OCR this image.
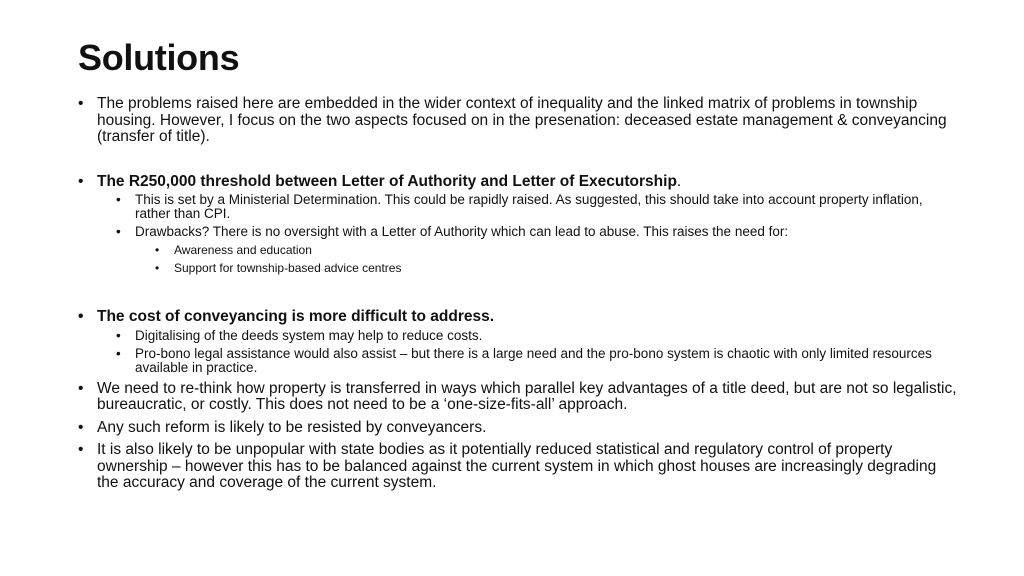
Solutions
• The problems raised here are embedded in the wider context of inequality and the linked matrix of problems in township housing. However, I focus on the two aspects focused on in the presenation: deceased estate management & conveyancing (transfer of title).
• The R250,000 threshold between Letter of Authority and Letter of Executorship.
• This is set by a Ministerial Determination. This could be rapidly raised. As suggested, this should take into account property inflation, rather than CPI.
• Drawbacks? There is no oversight with a Letter of Authority which can lead to abuse. This raises the need for:
• Awareness and education
• Support for township-based advice centres
• The cost of conveyancing is more difficult to address.
• Digitalising of the deeds system may help to reduce costs.
• Pro-bono legal assistance would also assist – but there is a large need and the pro-bono system is chaotic with only limited resources available in practice.
• We need to re-think how property is transferred in ways which parallel key advantages of a title deed, but are not so legalistic, bureaucratic, or costly. This does not need to be a ‘one-size-fits-all’ approach.
• Any such reform is likely to be resisted by conveyancers.
• It is also likely to be unpopular with state bodies as it potentially reduced statistical and regulatory control of property ownership – however this has to be balanced against the current system in which ghost houses are increasingly degrading the accuracy and coverage of the current system.
